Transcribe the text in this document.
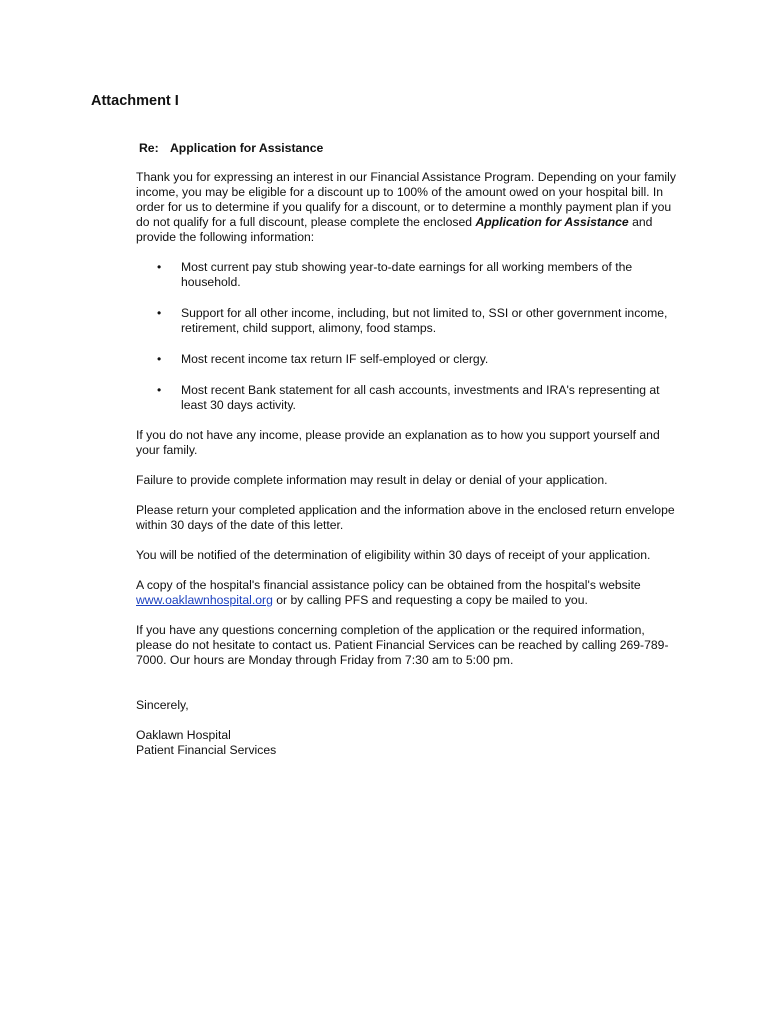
Attachment I

Re: Application for Assistance

Thank you for expressing an interest in our Financial Assistance Program. Depending on your family income, you may be eligible for a discount up to 100% of the amount owed on your hospital bill. In order for us to determine if you qualify for a discount, or to determine a monthly payment plan if you do not qualify for a full discount, please complete the enclosed Application for Assistance and provide the following information:

• Most current pay stub showing year-to-date earnings for all working members of the household.
• Support for all other income, including, but not limited to, SSI or other government income, retirement, child support, alimony, food stamps.
• Most recent income tax return IF self-employed or clergy.
• Most recent Bank statement for all cash accounts, investments and IRA's representing at least 30 days activity.

If you do not have any income, please provide an explanation as to how you support yourself and your family.

Failure to provide complete information may result in delay or denial of your application.

Please return your completed application and the information above in the enclosed return envelope within 30 days of the date of this letter.

You will be notified of the determination of eligibility within 30 days of receipt of your application.

A copy of the hospital's financial assistance policy can be obtained from the hospital's website www.oaklawnhospital.org or by calling PFS and requesting a copy be mailed to you.

If you have any questions concerning completion of the application or the required information, please do not hesitate to contact us. Patient Financial Services can be reached by calling 269-789-7000. Our hours are Monday through Friday from 7:30 am to 5:00 pm.

Sincerely,

Oaklawn Hospital

Patient Financial Services
